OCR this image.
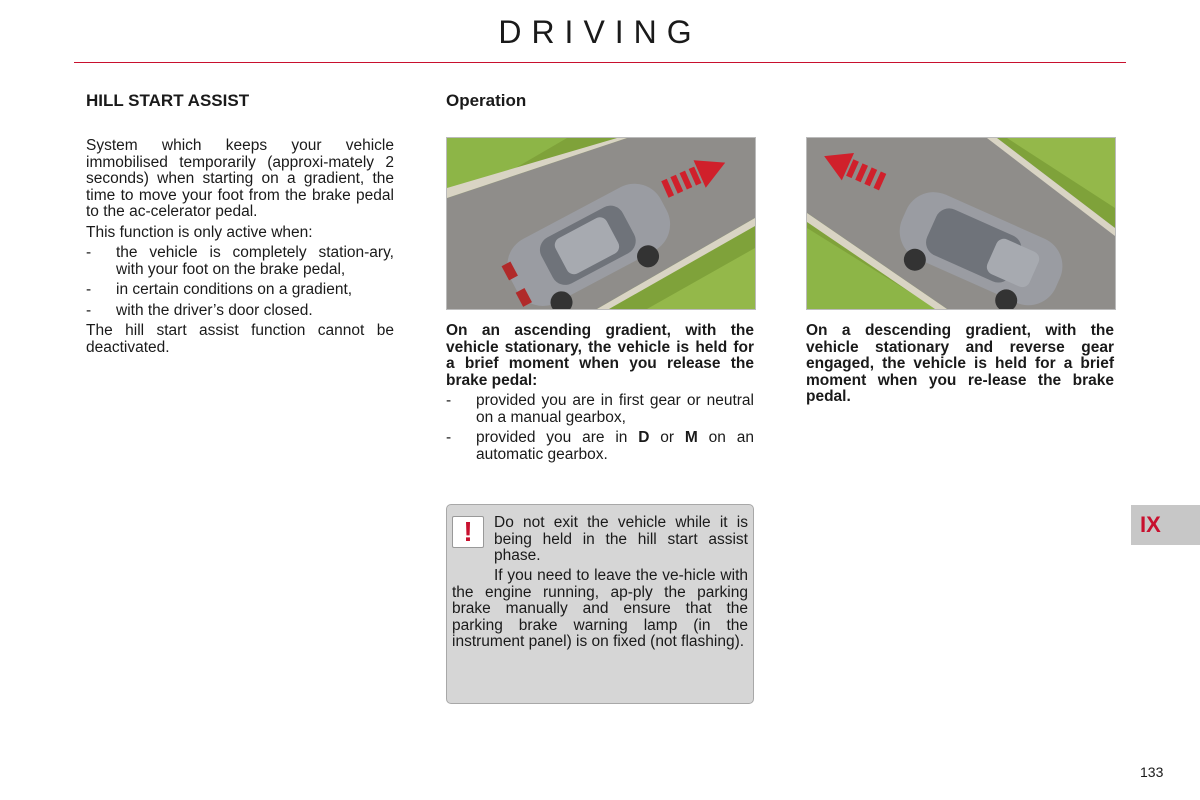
DRIVING
HILL START ASSIST

System which keeps your vehicle immobilised temporarily (approxi-mately 2 seconds) when starting on a gradient, the time to move your foot from the brake pedal to the ac-celerator pedal.

This function is only active when:

- the vehicle is completely station-ary, with your foot on the brake pedal,
- in certain conditions on a gradient,
- with the driver’s door closed.

The hill start assist function cannot be deactivated.

Operation
On an ascending gradient, with the vehicle stationary, the vehicle is held for a brief moment when you release the brake pedal:
- provided you are in first gear or neutral on a manual gearbox,
- provided you are in D or M on an automatic gearbox.
On a descending gradient, with the vehicle stationary and reverse gear engaged, the vehicle is held for a brief moment when you re-lease the brake pedal.
!	Do not exit the vehicle while it is being held in the hill start assist phase.
If you need to leave the ve-hicle with the engine running, ap-ply the parking brake manually and ensure that the parking brake warning lamp (in the instrument panel) is on fixed (not flashing).
IX
133
